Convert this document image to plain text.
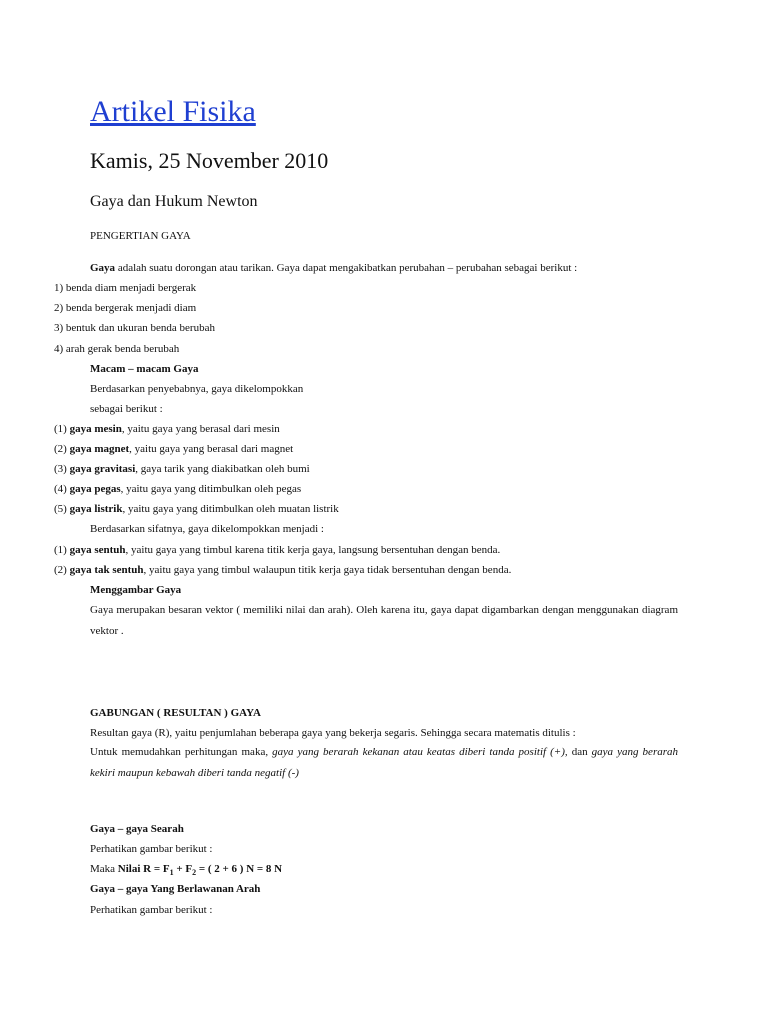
Artikel Fisika
Kamis, 25 November 2010
Gaya dan Hukum Newton
PENGERTIAN GAYA
Gaya adalah suatu dorongan atau tarikan. Gaya dapat mengakibatkan perubahan – perubahan sebagai berikut :
1) benda diam menjadi bergerak
2) benda bergerak menjadi diam
3) bentuk dan ukuran benda berubah
4) arah gerak benda berubah
Macam – macam Gaya
Berdasarkan penyebabnya, gaya dikelompokkan
sebagai berikut :
(1) gaya mesin, yaitu gaya yang berasal dari mesin
(2) gaya magnet, yaitu gaya yang berasal dari magnet
(3) gaya gravitasi, gaya tarik yang diakibatkan oleh bumi
(4) gaya pegas, yaitu gaya yang ditimbulkan oleh pegas
(5) gaya listrik, yaitu gaya yang ditimbulkan oleh muatan listrik
Berdasarkan sifatnya, gaya dikelompokkan menjadi :
(1) gaya sentuh, yaitu gaya yang timbul karena titik kerja gaya, langsung bersentuhan dengan benda.
(2) gaya tak sentuh, yaitu gaya yang timbul walaupun titik kerja gaya tidak bersentuhan dengan benda.
Menggambar Gaya
Gaya merupakan besaran vektor ( memiliki nilai dan arah). Oleh karena itu, gaya dapat digambarkan dengan menggunakan diagram vektor .
GABUNGAN ( RESULTAN ) GAYA
Resultan gaya (R), yaitu penjumlahan beberapa gaya yang bekerja segaris. Sehingga secara matematis ditulis :
Untuk memudahkan perhitungan maka, gaya yang berarah kekanan atau keatas diberi tanda positif (+), dan gaya yang berarah kekiri maupun kebawah diberi tanda negatif (-)
Gaya – gaya Searah
Perhatikan gambar berikut :
Maka Nilai $R = F_1 + F_2$ = ( 2 + 6 ) N = 8 N
Gaya – gaya Yang Berlawanan Arah
Perhatikan gambar berikut :
